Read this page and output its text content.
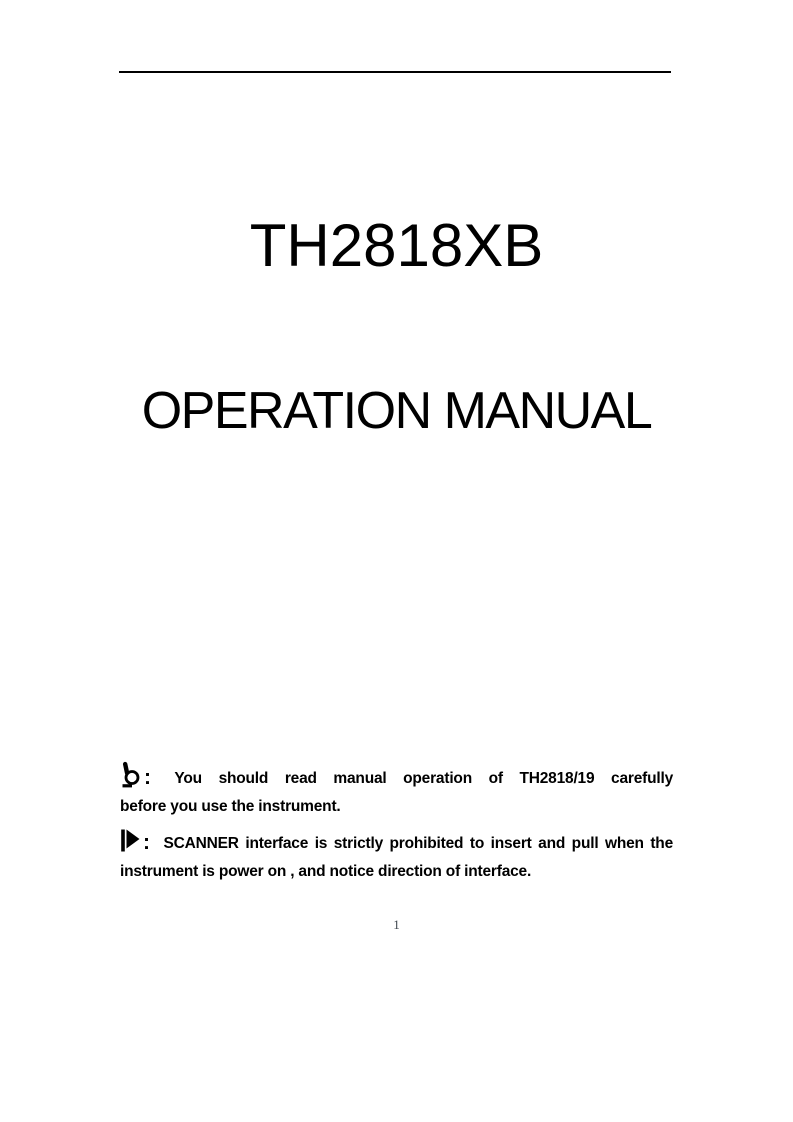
TH2818XB
OPERATION MANUAL

: You should read manual operation of TH2818/19 carefully
before you use the instrument.

: SCANNER interface is strictly prohibited to insert and pull when the
instrument is power on , and notice direction of interface.

1
